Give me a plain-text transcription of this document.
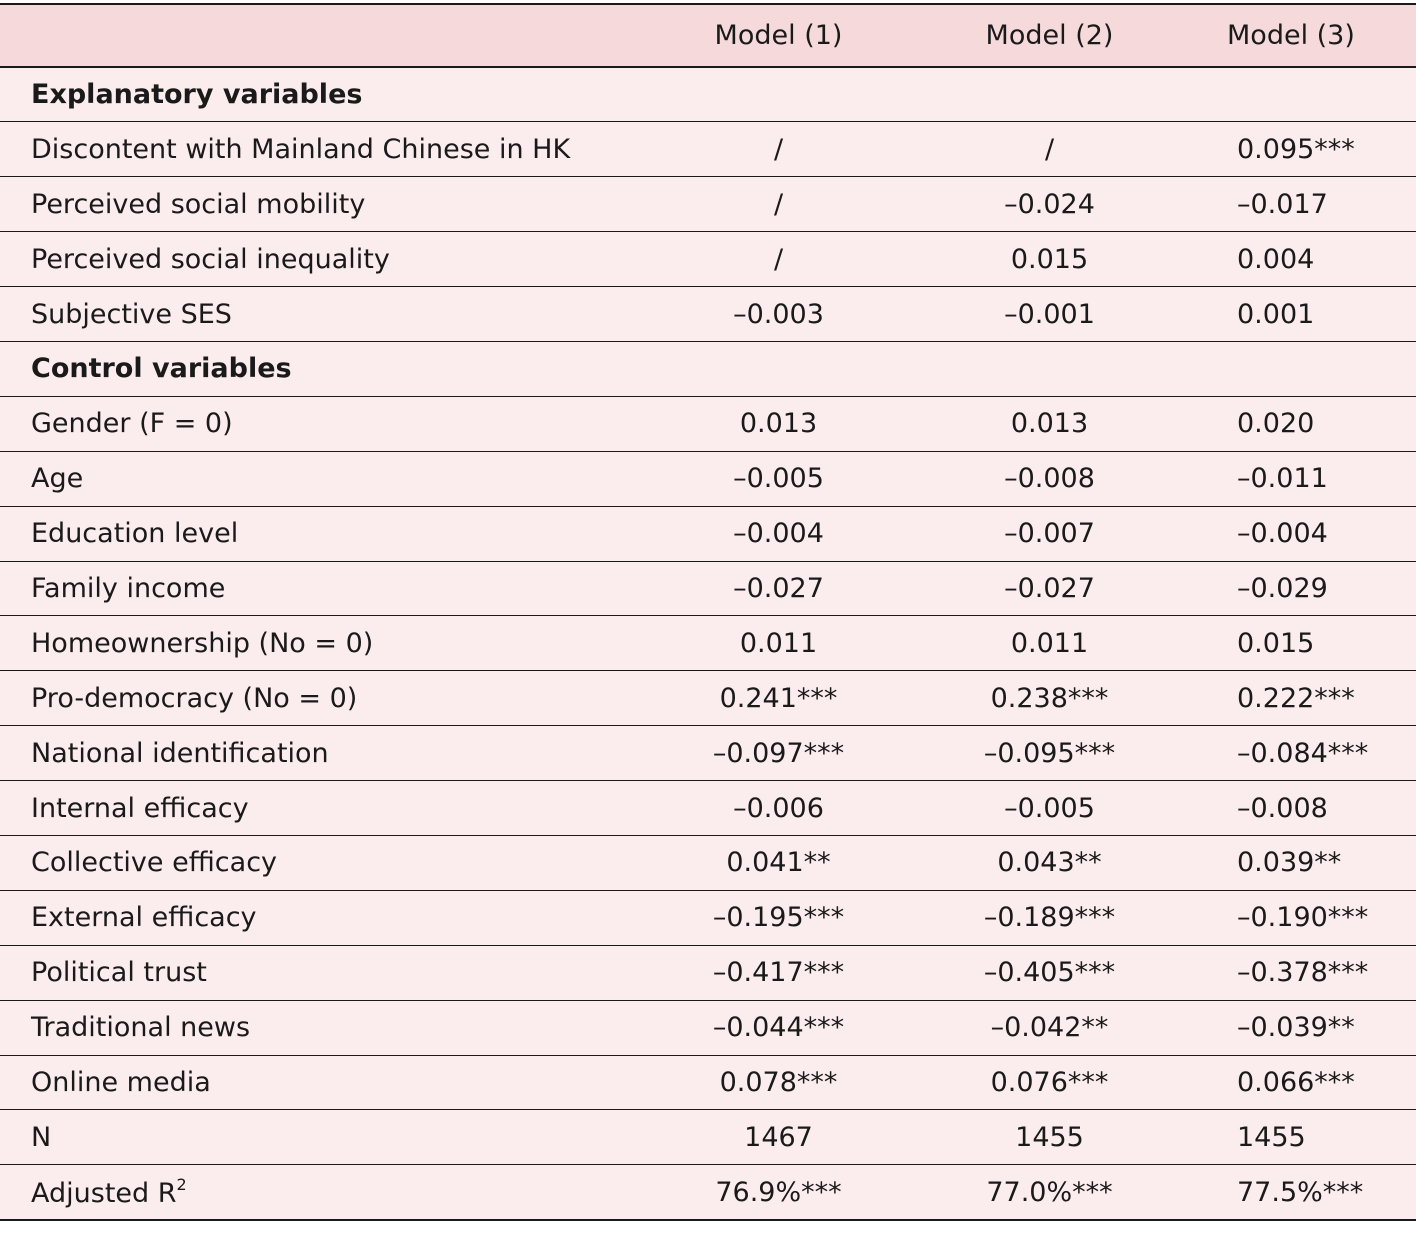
	Model (1)	Model (2)	Model (3)
Explanatory variables			
Discontent with Mainland Chinese in HK	/	/	0.095***
Perceived social mobility	/	–0.024	–0.017
Perceived social inequality	/	0.015	0.004
Subjective SES	–0.003	–0.001	0.001
Control variables			
Gender (F = 0)	0.013	0.013	0.020
Age	–0.005	–0.008	–0.011
Education level	–0.004	–0.007	–0.004
Family income	–0.027	–0.027	–0.029
Homeownership (No = 0)	0.011	0.011	0.015
Pro-democracy (No = 0)	0.241***	0.238***	0.222***
National identification	–0.097***	–0.095***	–0.084***
Internal efficacy	–0.006	–0.005	–0.008
Collective efficacy	0.041**	0.043**	0.039**
External efficacy	–0.195***	–0.189***	–0.190***
Political trust	–0.417***	–0.405***	–0.378***
Traditional news	–0.044***	–0.042**	–0.039**
Online media	0.078***	0.076***	0.066***
N	1467	1455	1455
Adjusted $R^2$	76.9%***	77.0%***	77.5%***
